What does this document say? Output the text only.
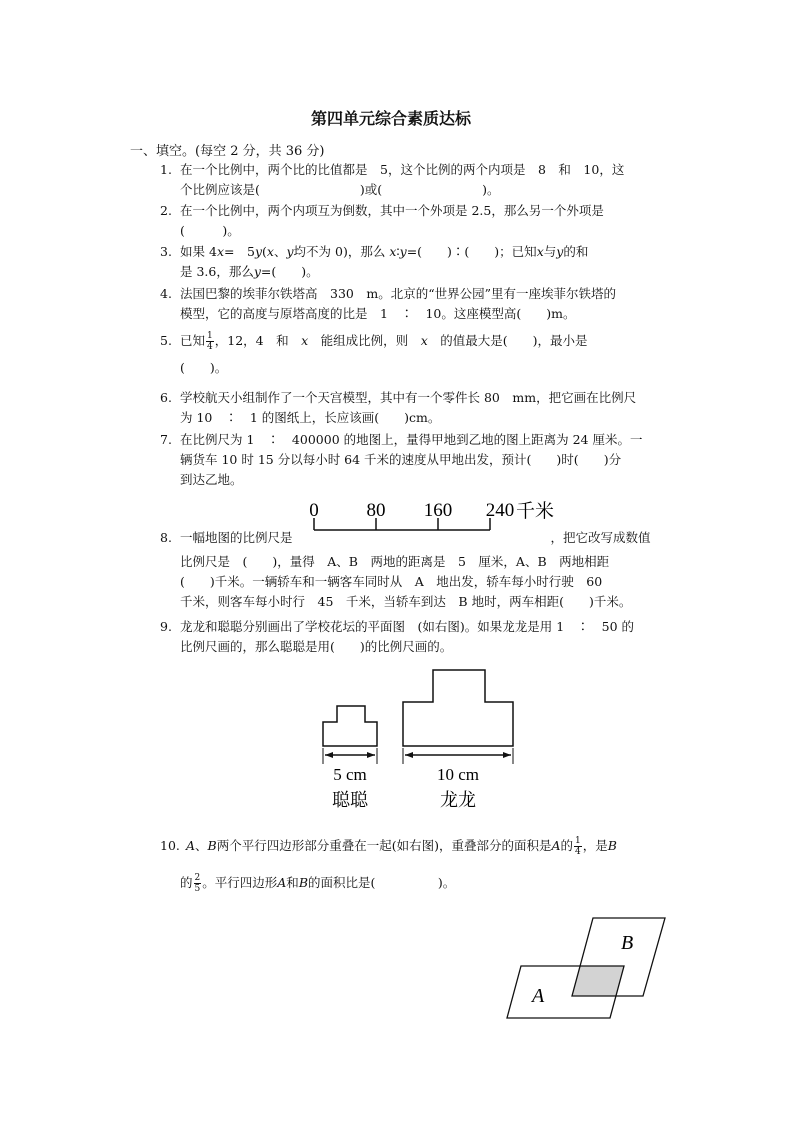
第四单元综合素质达标
一、填空。(每空 2 分，共 36 分)
1. 在一个比例中，两个比的比值都是　5，这个比例的两个内项是　8　和　10，这
个比例应该是(　　　　　　　　)或(　　　　　　　　)。
2. 在一个比例中，两个内项互为倒数，其中一个外项是 2.5，那么另一个外项是
(　　　)。
3. 如果 4x=　5y(x、y均不为 0)，那么 x∶y=(　　)∶(　　)；已知x与y的和
是 3.6，那么y=(　　)。
4. 法国巴黎的埃菲尔铁塔高　330　m。北京的“世界公园”里有一座埃菲尔铁塔的
模型，它的高度与原塔高度的比是　1　∶　10。这座模型高(　　)m。
5. 已知 $\frac{1}{4}$ ，12，4　和　x　能组成比例，则　x　的值最大是(　　)，最小是
(　　)。
6. 学校航天小组制作了一个天宫模型，其中有一个零件长 80　mm，把它画在比例尺
为 10　∶　1 的图纸上，长应该画(　　)cm。
7. 在比例尺为 1　∶　400000 的地图上，量得甲地到乙地的图上距离为 24 厘米。一
辆货车 10 时 15 分以每小时 64 千米的速度从甲地出发，预计(　　)时(　　)分
到达乙地。
0	80 160 240 千米
8. 一幅地图的比例尺是	，把它改写成数值
比例尺是　(　　)，量得　A、B　两地的距离是　5　厘米，A、B　两地相距
(　　)千米。一辆轿车和一辆客车同时从　A　地出发，轿车每小时行驶　60
千米，则客车每小时行　45　千米，当轿车到达　B 地时，两车相距(　　)千米。
9. 龙龙和聪聪分别画出了学校花坛的平面图　(如右图)。如果龙龙是用 1　∶　50 的
比例尺画的，那么聪聪是用(　　)的比例尺画的。
5 cm
聪聪
10 cm
龙龙
10. A、B两个平行四边形部分重叠在一起(如右图)，重叠部分的面积是A的 $\frac{1}{4}$ ，是B
的 $\frac{2}{5}$ 。平行四边形A和B的面积比是(　　　　　)。
A
B
